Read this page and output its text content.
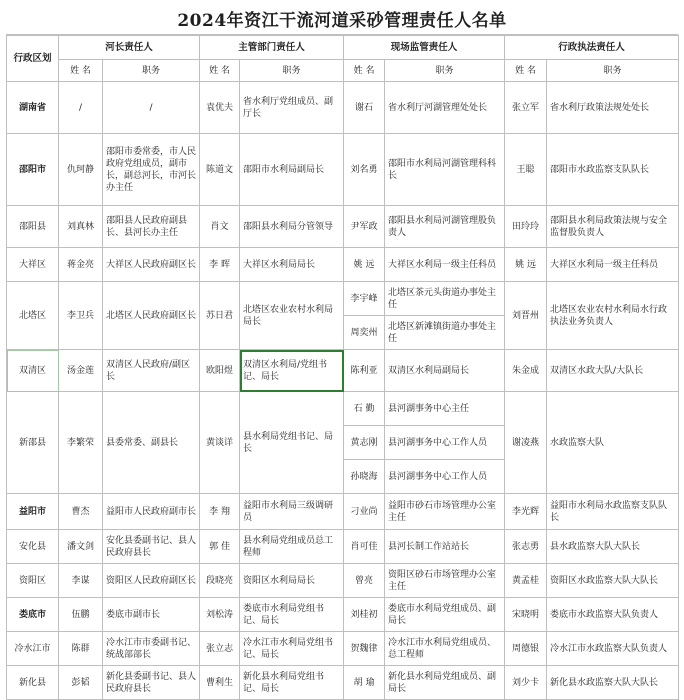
2024年资江干流河道采砂管理责任人名单
行政区划	河长责任人		主管部门责任人		现场监管责任人		行政执法责任人	
	姓 名	职务	姓 名	职务	姓 名	职务	姓 名	职务
湖南省	/	/	袁优夫	省水利厅党组成员、副厅长	谢石	省水利厅河湖管理处处长	张立军	省水利厅政策法规处处长
邵阳市	仇珂静	邵阳市委常委，市人民政府党组成员，副市长，副总河长，市河长办主任	陈道文	邵阳市水利局副局长	刘名勇	邵阳市水利局河湖管理科科长	王聪	邵阳市水政监察支队队长
邵阳县	刘真林	邵阳县人民政府副县长、县河长办主任	肖文	邵阳县水利局分管领导	尹军政	邵阳县水利局河湖管理股负责人	田玲玲	邵阳县水利局政策法规与安全监督股负责人
大祥区	蒋金亮	大祥区人民政府副区长	李 晖	大祥区水利局局长	姚 远	大祥区水利局一级主任科员	姚 远	大祥区水利局一级主任科员
北塔区	李卫兵	北塔区人民政府副区长	苏日君	北塔区农业农村水利局局长	李宇峰	北塔区茶元头街道办事处主任	刘晋州	北塔区农业农村水利局水行政执法业务负责人
					周奕州	北塔区新滩镇街道办事处主任		
双清区	汤金莲	双清区人民政府/副区长	欧阳煜	双清区水利局/党组书记、局长	陈利亚	双清区水利局副局长	朱金成	双清区水政大队/大队长
新邵县	李繁荣	县委常委、副县长	黄谈详	县水利局党组书记、局长	石 勤	县河湖事务中心主任	谢凌燕	水政监察大队
					黄志刚	县河湖事务中心工作人员		
					孙晓海	县河湖事务中心工作人员		
益阳市	曹杰	益阳市人民政府副市长	李 翔	益阳市水利局三级调研员	刁业尚	益阳市砂石市场管理办公室主任	李光辉	益阳市水利局水政监察支队队长
安化县	潘文剑	安化县委副书记、县人民政府县长	郭 佳	县水利局党组成员总工程师	肖可佳	县河长制工作站站长	张志勇	县水政监察大队大队长
资阳区	李谋	资阳区人民政府副区长	段晓亮	资阳区水利局局长	曾亮	资阳区砂石市场管理办公室主任	黄孟桂	资阳区水政监察大队大队长
娄底市	伍鹏	娄底市副市长	刘松涛	娄底市水利局党组书记、局长	刘桂初	娄底市水利局党组成员、副局长	宋晓明	娄底市水政监察大队负责人
冷水江市	陈群	冷水江市市委副书记、统战部部长	张立志	冷水江市水利局党组书记、局长	贺魏律	冷水江市水利局党组成员、总工程师	周德银	冷水江市水政监察大队负责人
新化县	彭韬	新化县委副书记、县人民政府县长	曹利生	新化县水利局党组书记、局长	胡 瑜	新化县水利局党组成员、副局长	刘少卡	新化县水政监察大队大队长
